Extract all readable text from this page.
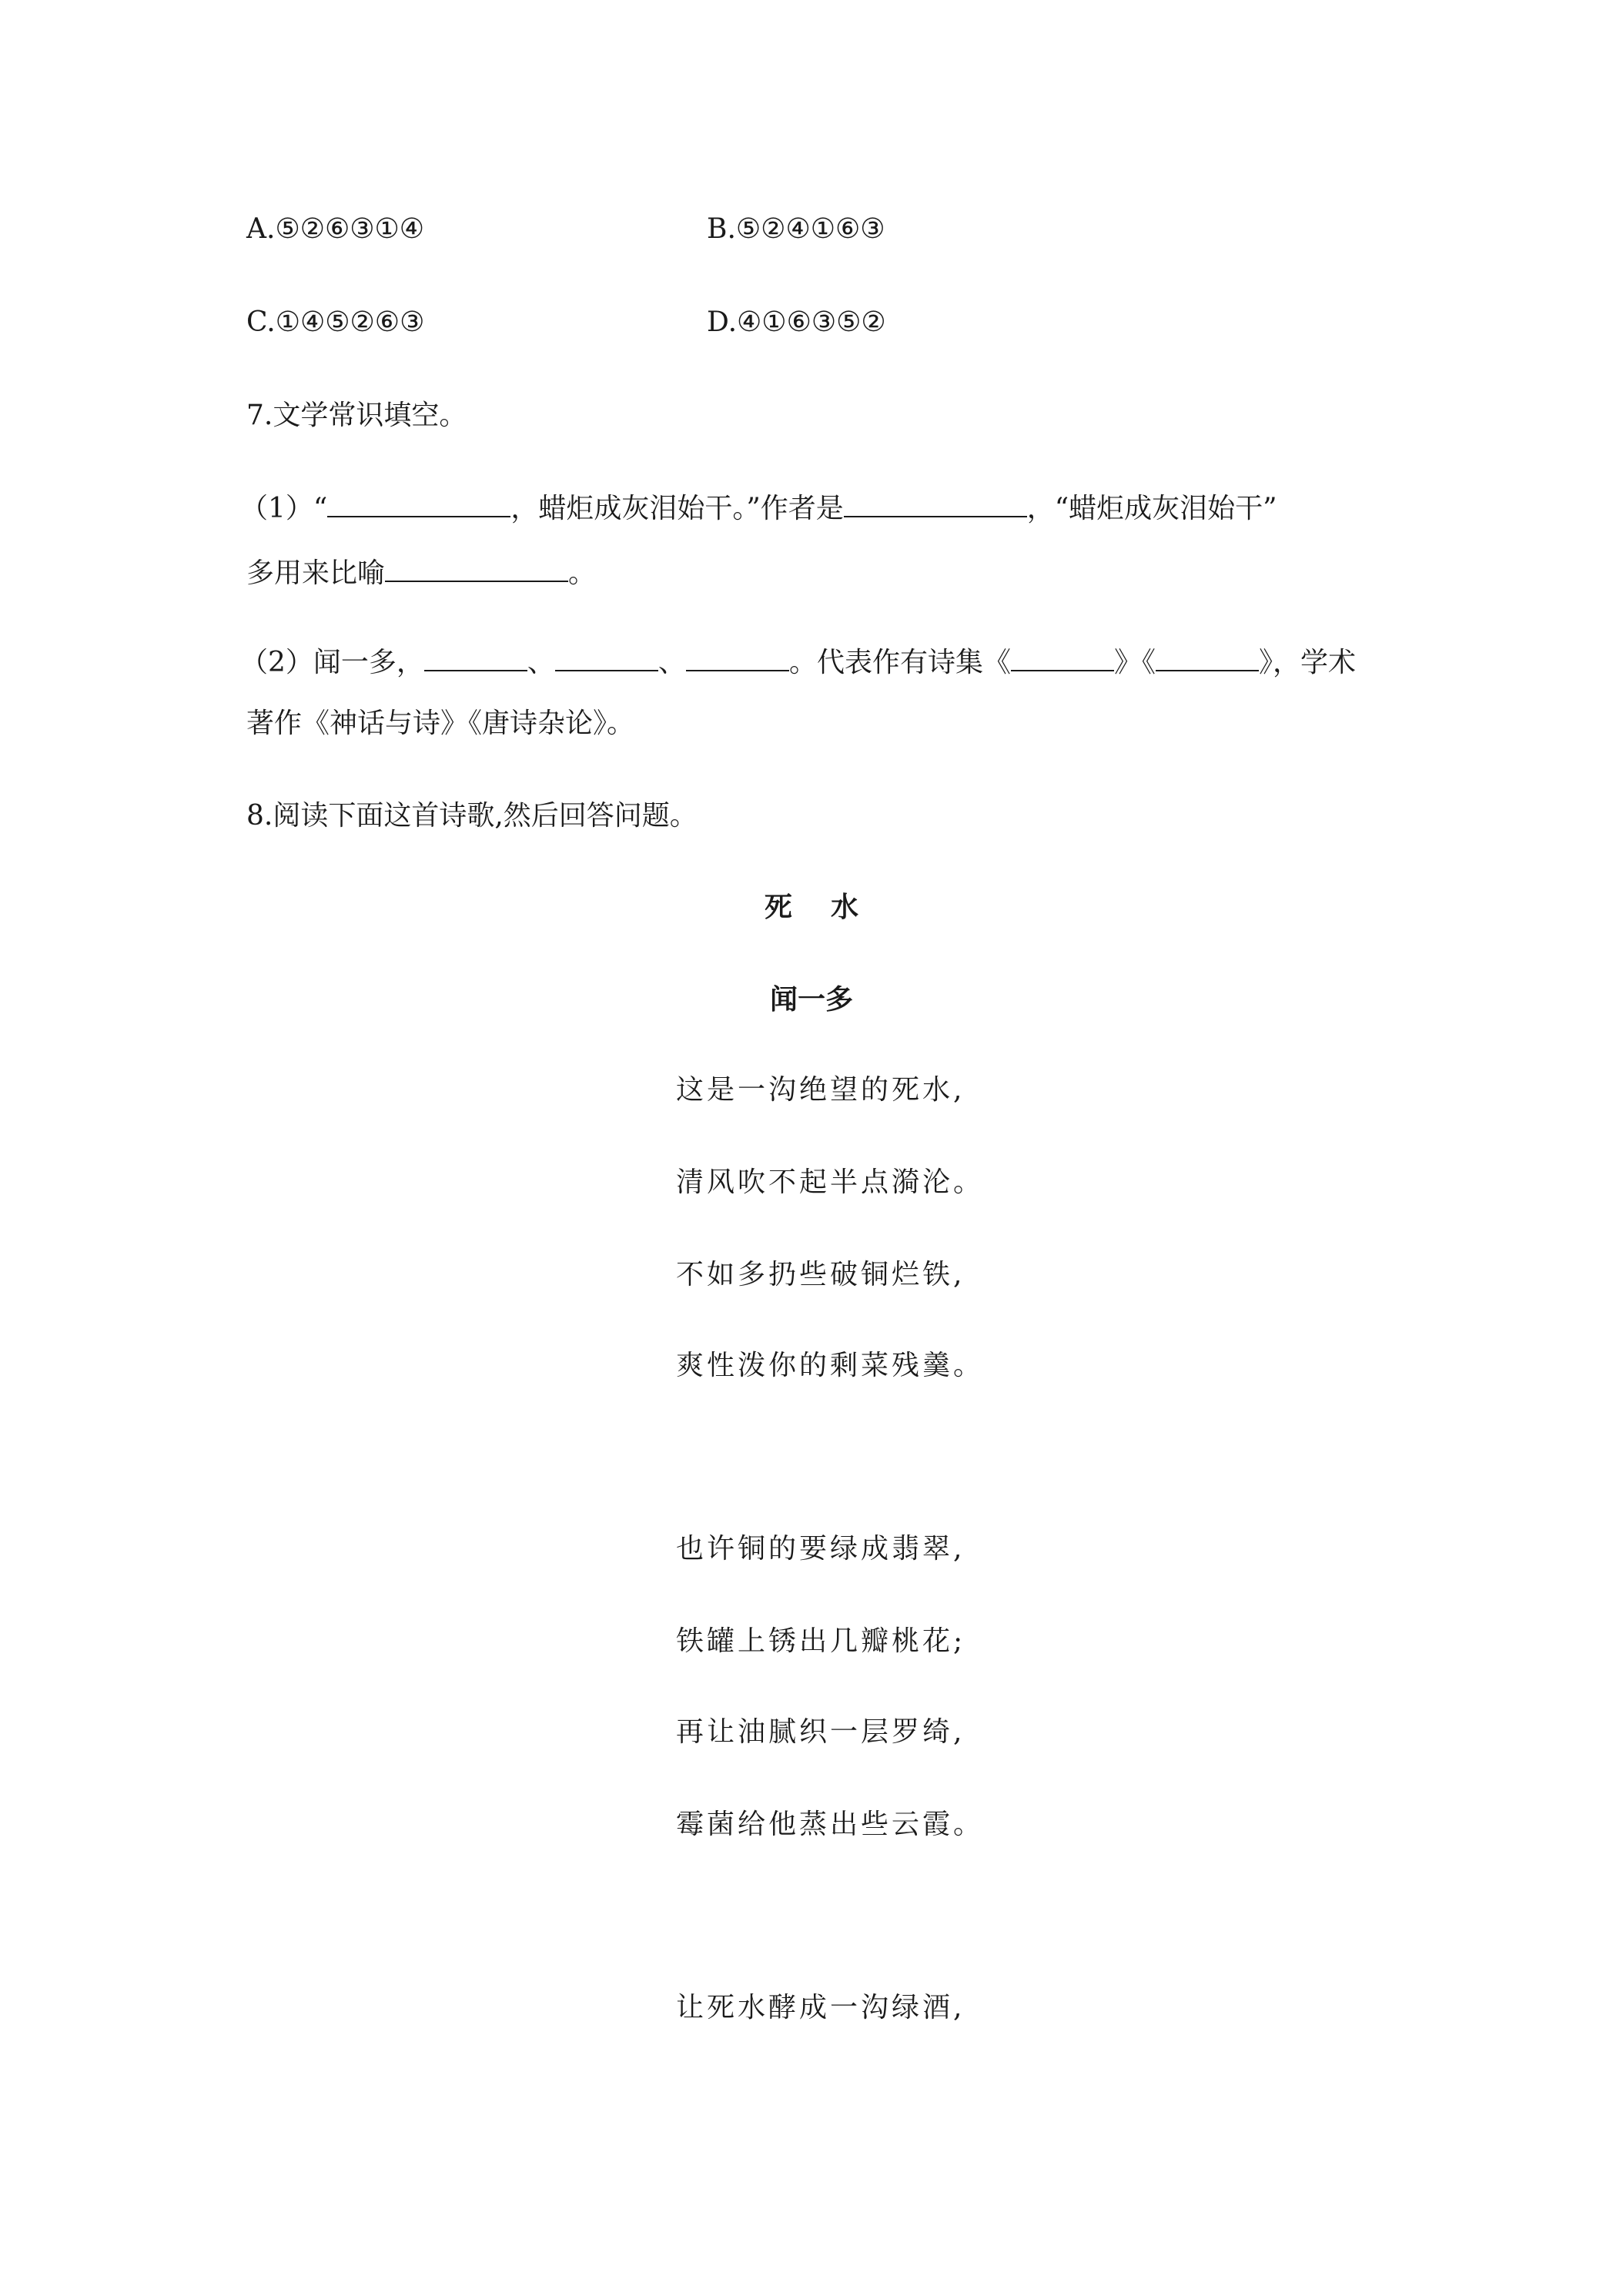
A.⑤②⑥③①④	B.⑤②④①⑥③
C.①④⑤②⑥③	D.④①⑥③⑤②
7.文学常识填空。
（1）“	，蜡炬成灰泪始干。”作者是	，“蜡炬成灰泪始干”
多用来比喻	。
（2）闻一多，	、	、	。代表作有诗集《	》《	》，学术
著作《神话与诗》《唐诗杂论》。
8.阅读下面这首诗歌,然后回答问题。
死    水
闻一多
这是一沟绝望的死水,
清风吹不起半点漪沦。
不如多扔些破铜烂铁,
爽性泼你的剩菜残羹。
也许铜的要绿成翡翠,
铁罐上锈出几瓣桃花;
再让油腻织一层罗绮,
霉菌给他蒸出些云霞。
让死水酵成一沟绿酒,
